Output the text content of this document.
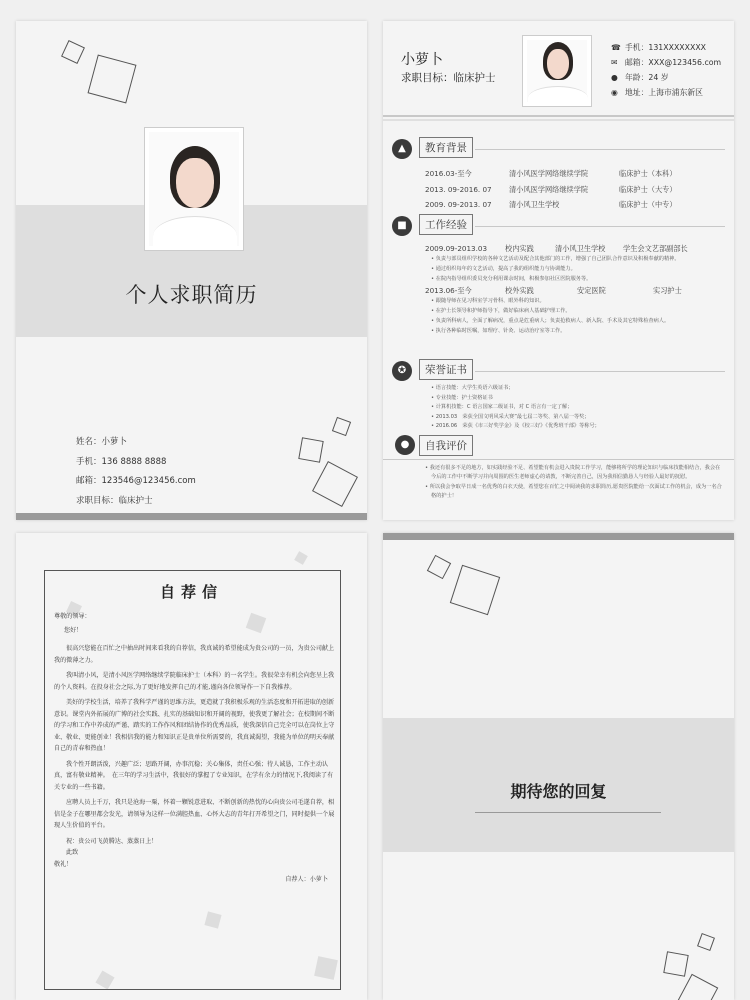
个人求职简历
姓名：小萝卜
手机：136 8888 8888
邮箱：123546@123456.com
求职目标：临床护士
小萝卜
求职目标：临床护士
☎ 手机：131XXXXXXXX
✉ 邮箱：XXX@123456.com
● 年龄：24 岁
◉ 地址：上海市浦东新区
▲	教育背景
2016.03-至今	清小风医学网络继续学院	临床护士（本科）
2013. 09-2016. 07 清小风医学网络继续学院	临床护士（大专）
2009. 09-2013. 07 清小风卫生学校	临床护士（中专）
■	工作经验
2009.09-2013.03 校内实践	清小风卫生学校 学生会文艺部副部长
• 负责与部员组织学校的各种文艺活动及配合其他部门的工作，增强了自己团队合作意识及积极奉献的精神。
• 通过组织每年的文艺活动，提高了我的组织能力与协调能力。
• 在院内指导组织委员充分利用课余时间，积极参加社区医院服务等。
2013.06-至今	校外实践	安定医院	实习护士
• 跟随导师在见习科室学习骨科、眼外科的知识。
• 在护士长领导和护师指导下，做好临床病人基础护理工作。
• 负责所科病人，全面了解病况，重点是危重病人；负责抢救病人、新入院、手术及其它特殊检查病人。
• 执行各种临时医嘱，如理疗、针灸、运动治疗室等工作。
✪	荣誉证书
• 语言技能：大学生英语六级证书；
• 专业技能：护士资格证书
• 计算机技能：C 语言国家二级证书，对 C 语言有一定了解；
• 2013.03　荣获全国文明风采大赛”最七届二等奖、第八届一等奖；
• 2016.06　荣获《市三好奖学金》及《校三好》《优秀班干部》等称号；
●	自我评价
• 我还有很多不足的地方，如实践经验不足、希望能有机会进入贵院工作学习，能够将所学的理论知识与临床技能相结合，我会在今后的工作中不断学习并向周围的医生老师虚心的请教，不断完善自己，因为我相信勤恳人与经验人最好的抚慰。
• 所以我会争取早日成一名优秀的白衣天使，希望您在百忙之中阅读我的求职简历,愿贵医院能给一次面试工作的机会，成为一名合格的护士！
自荐信
尊敬的领导：
您好！

很高兴您能在百忙之中抽出时间来看我的自荐信，我真诚的希望能成为贵公司的一员，为贵公司献上我的微薄之力。

我叫清小风，是清小风医学网络继续学院临床护士（本科）的一名学生。我很荣幸有机会向您呈上我的个人资料。在投身社会之际,为了更好地发挥自己的才能,谨向各位领导作一下自我推荐。

美好的学校生活，培养了我科学严谨的思维方法，更造就了我积极乐观的生活态度和开拓进取的创新意识。课堂内外拓展的广博的社会实践、扎实的基础知识和开阔的视野，使我更了解社会；在校期间不断的学习和工作中养成的严谨、踏实的工作作风和团结协作的优秀品质，使我深信自己完全可以在岗位上守业、敬业、更能创业！我相信我的能力和知识正是贵单位所需要的，我真诚渴望，我能为单位的明天奉献自己的青春和热血！

我个性开朗活泼，兴趣广泛；思路开阔，办事沉稳；关心集体，责任心强；待人诚恳，工作主动认真，富有敬业精神。　在三年的学习生活中，我很好的掌握了专业知识，在学有余力的情况下,我阅读了有关专业的一些书籍。

应聘人员上千万，我只是沧海一粟，怀着一颗锐意进取、不断创新的热忱的心向贵公司毛遂自荐，相信是金子在哪里都会发光，请领导为这样一位满腔热血、心怀大志的青年打开希望之门，同时提供一个展现人生价值的平台。

祝：贵公司飞黄腾达、蒸蒸日上！

此致

敬礼！

自荐人：小萝卜

期待您的回复
